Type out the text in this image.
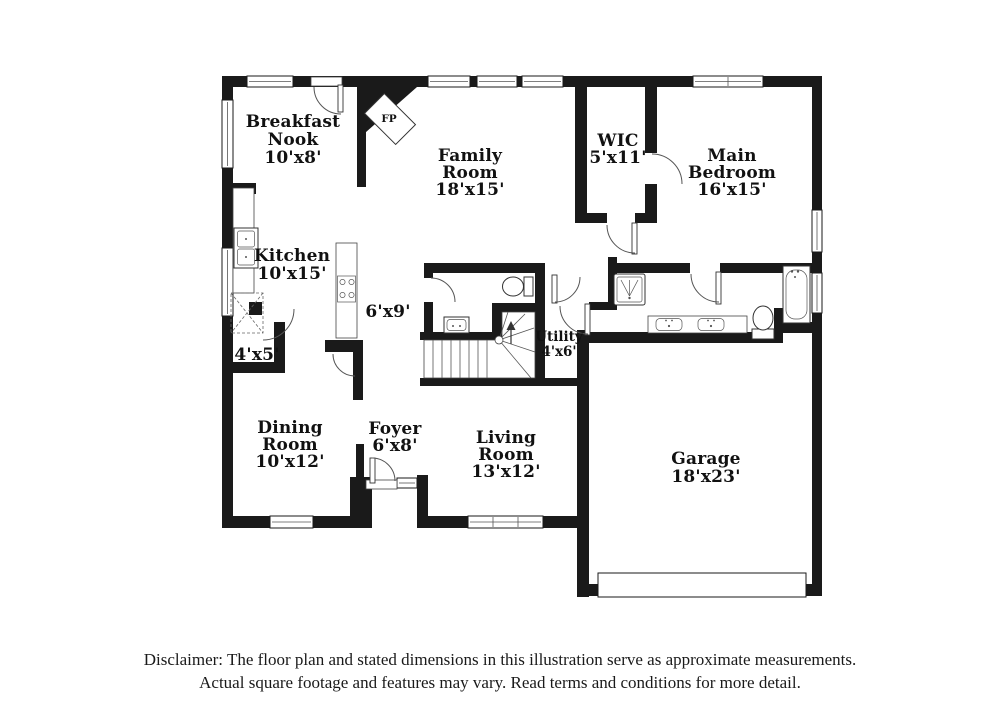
Breakfast
Nook
10'x8'	Family
Room
18'x15'
WIC
5'x11'	Main
Bedroom
16'x15'
Kitchen
10'x15'
6'x9'
4'x5'
Utility
4'x6'
Dining
Room
10'x12'
Foyer
6'x8'	Living
Room
13'x12'
Garage
18'x23'
FP
Disclaimer: The floor plan and stated dimensions in this illustration serve as approximate measurements.
Actual square footage and features may vary. Read terms and conditions for more detail.
